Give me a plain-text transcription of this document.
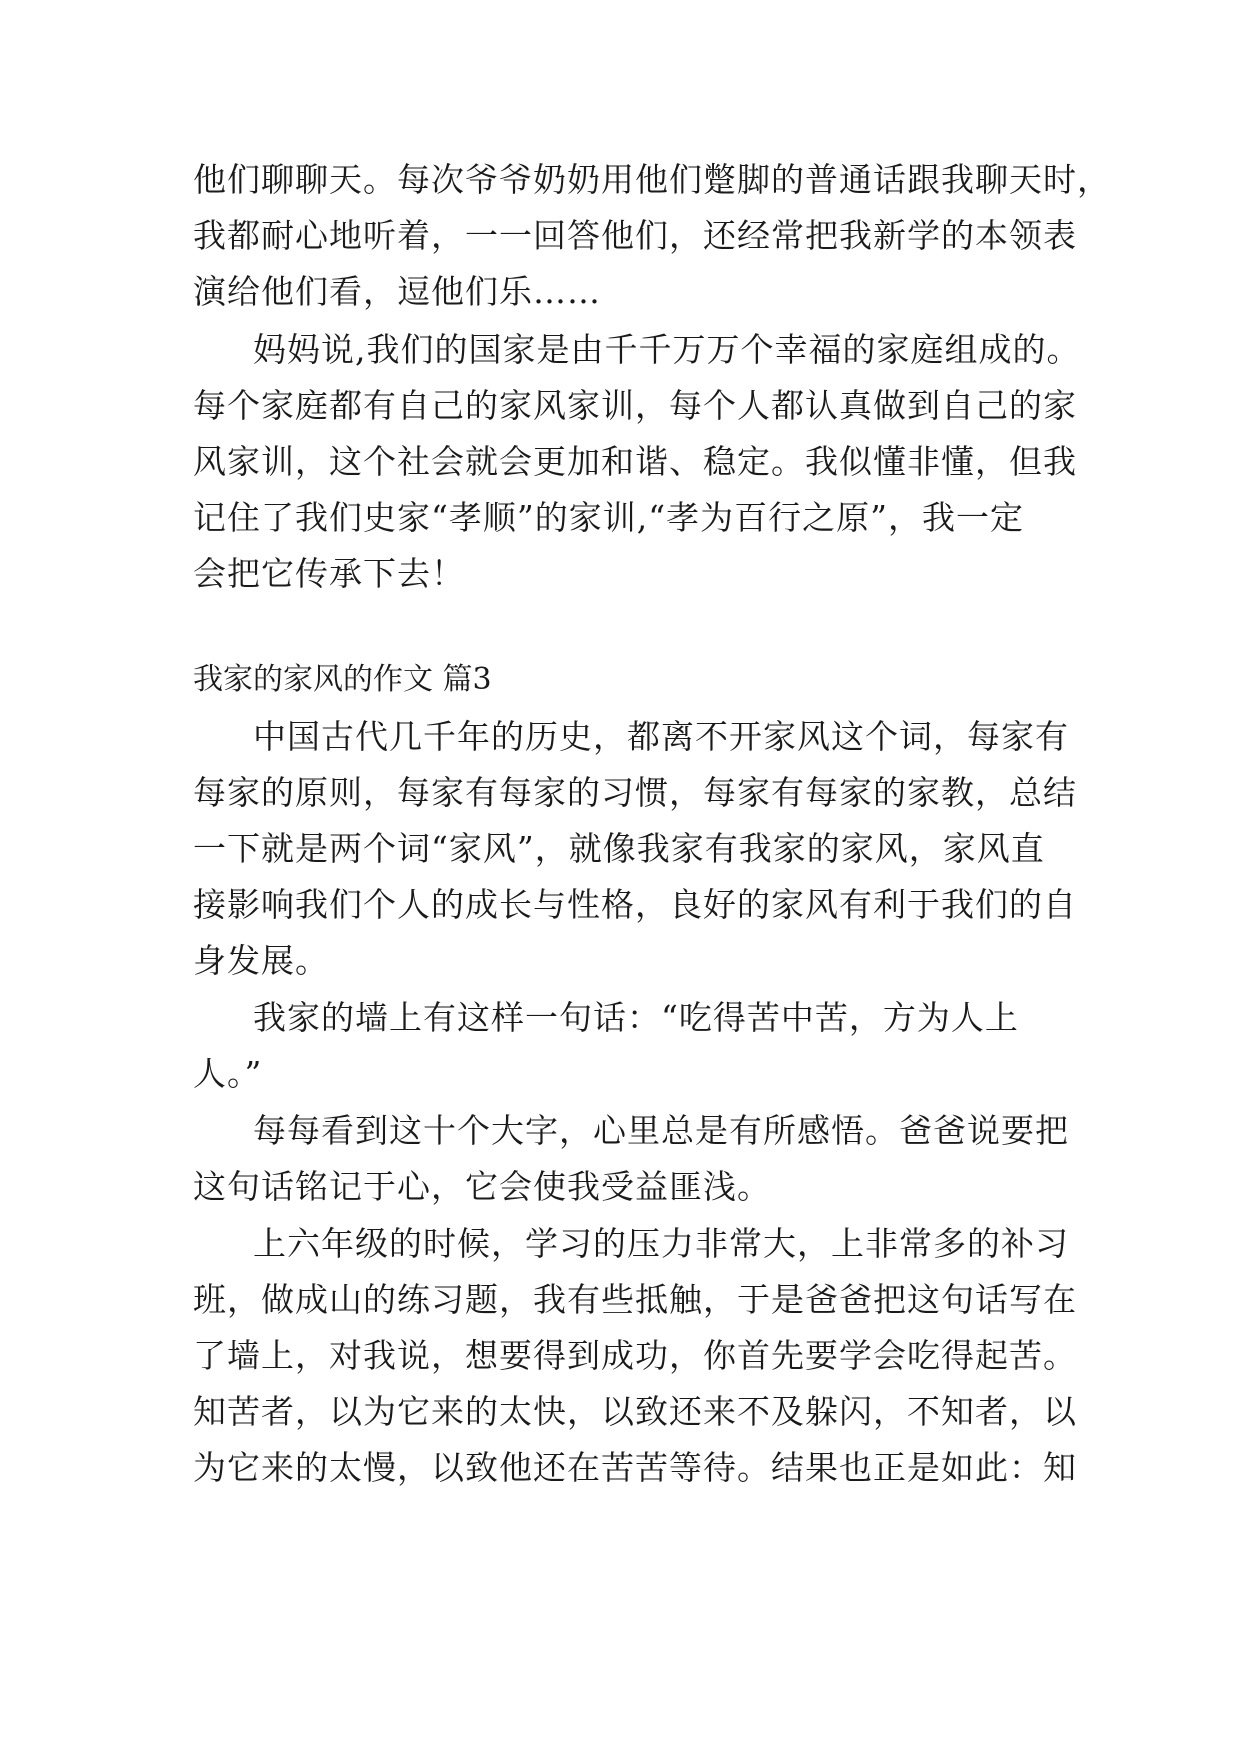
他们聊聊天。每次爷爷奶奶用他们蹩脚的普通话跟我聊天时，
我都耐心地听着，一一回答他们，还经常把我新学的本领表
演给他们看，逗他们乐……
妈妈说,我们的国家是由千千万万个幸福的家庭组成的。
每个家庭都有自己的家风家训，每个人都认真做到自己的家
风家训，这个社会就会更加和谐、稳定。我似懂非懂，但我
记住了我们史家“孝顺”的家训,“孝为百行之原”，我一定
会把它传承下去！
我家的家风的作文 篇3
中国古代几千年的历史，都离不开家风这个词，每家有
每家的原则，每家有每家的习惯，每家有每家的家教，总结
一下就是两个词“家风”，就像我家有我家的家风，家风直
接影响我们个人的成长与性格，良好的家风有利于我们的自
身发展。
我家的墙上有这样一句话：“吃得苦中苦，方为人上
人。”
每每看到这十个大字，心里总是有所感悟。爸爸说要把
这句话铭记于心，它会使我受益匪浅。
上六年级的时候，学习的压力非常大，上非常多的补习
班，做成山的练习题，我有些抵触，于是爸爸把这句话写在
了墙上，对我说，想要得到成功，你首先要学会吃得起苦。
知苦者，以为它来的太快，以致还来不及躲闪，不知者，以
为它来的太慢，以致他还在苦苦等待。结果也正是如此：知
